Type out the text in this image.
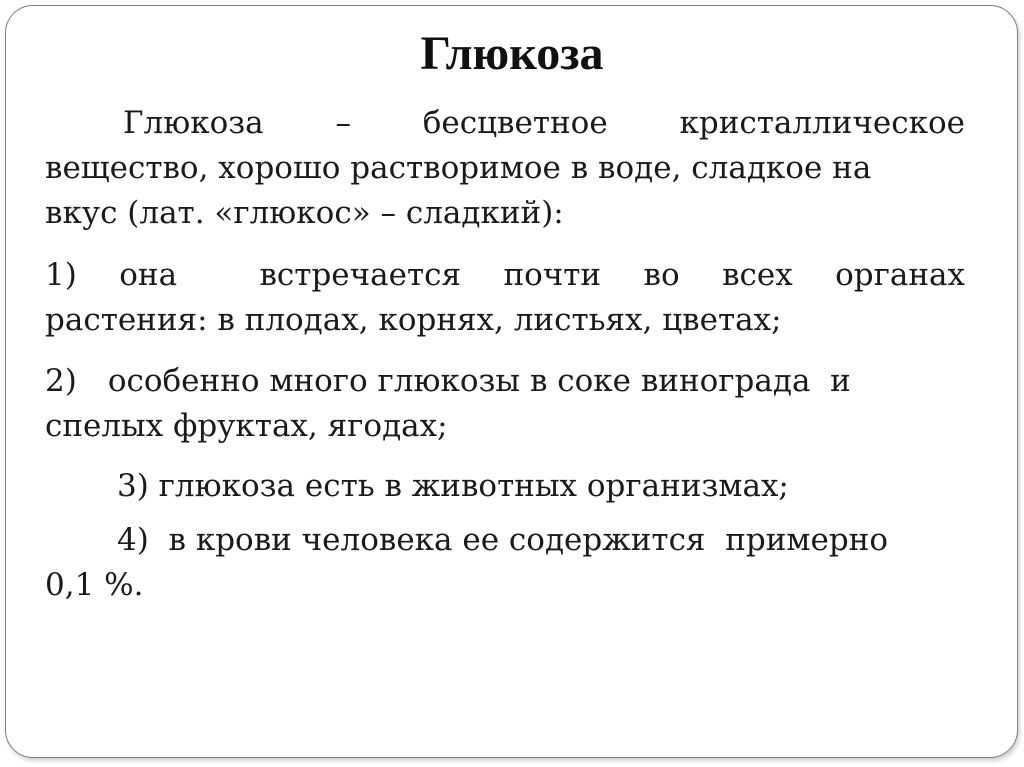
Глюкоза
Глюкоза – бесцветное кристаллическое
вещество, хорошо растворимое в воде, сладкое на
вкус (лат. «глюкос» – сладкий):
1) она	встречается почти во всех органах
растения: в плодах, корнях, листьях, цветах;
2) особенно много глюкозы в соке винограда  и
спелых фруктах, ягодах;
3) глюкоза есть в животных организмах;
4)  в крови человека ее содержится  примерно
0,1 %.
